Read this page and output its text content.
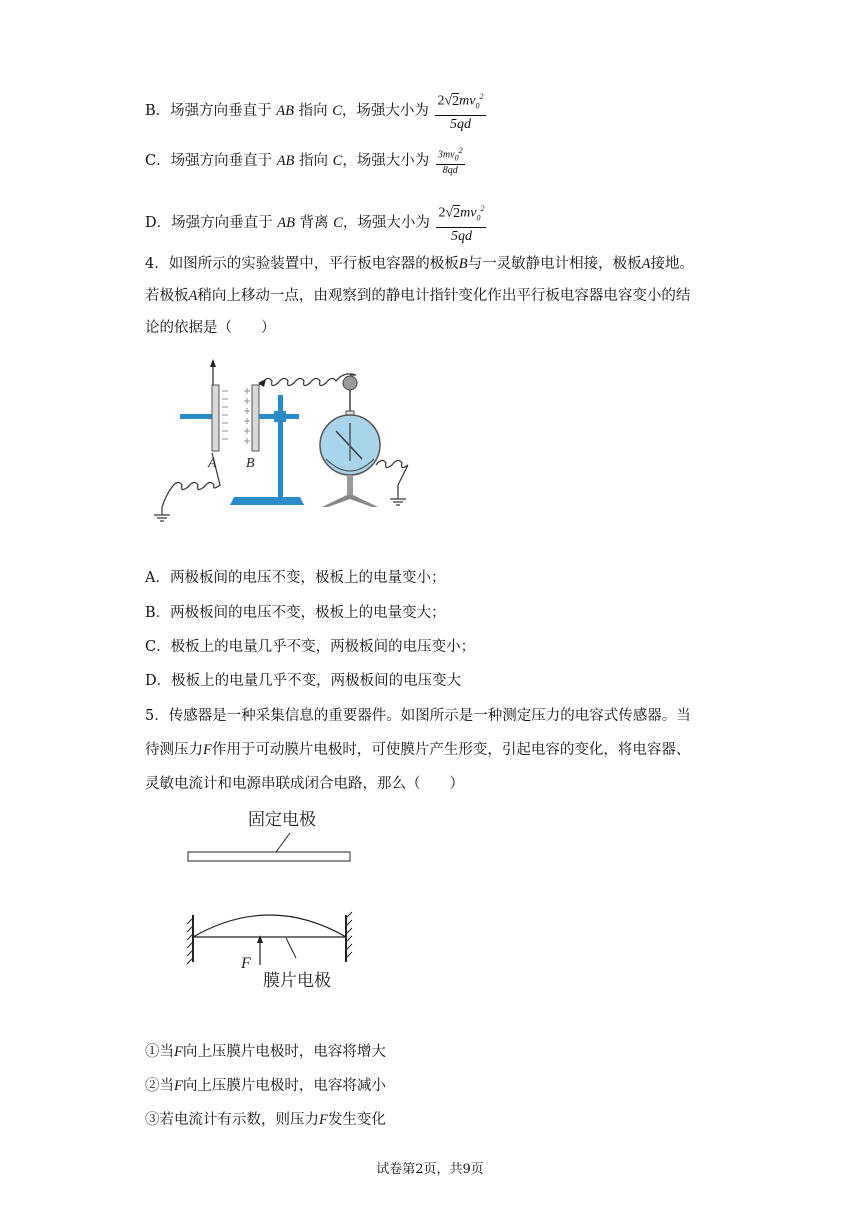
B．场强方向垂直于 AB 指向 C，场强大小为 $\frac{2√2mv_0^2}{5qd}$
C．场强方向垂直于 AB 指向 C，场强大小为 $\frac{3mv_0^2}{8qd}$
D．场强方向垂直于 AB 背离 C，场强大小为 $\frac{2√2mv_0^2}{5qd}$
4．如图所示的实验装置中，平行板电容器的极板B与一灵敏静电计相接，极板A接地。
若极板A稍向上移动一点，由观察到的静电计指针变化作出平行板电容器电容变小的结
论的依据是（　　）
A B
A．两极板间的电压不变，极板上的电量变小；
B．两极板间的电压不变，极板上的电量变大；
C．极板上的电量几乎不变，两极板间的电压变小；
D．极板上的电量几乎不变，两极板间的电压变大
5．传感器是一种采集信息的重要器件。如图所示是一种测定压力的电容式传感器。当
待测压力F作用于可动膜片电极时，可使膜片产生形变，引起电容的变化，将电容器、
灵敏电流计和电源串联成闭合电路，那么（　　）
固定电极
F
膜片电极
①当F向上压膜片电极时，电容将增大
②当F向上压膜片电极时，电容将减小
③若电流计有示数，则压力F发生变化
试卷第2页，共9页
